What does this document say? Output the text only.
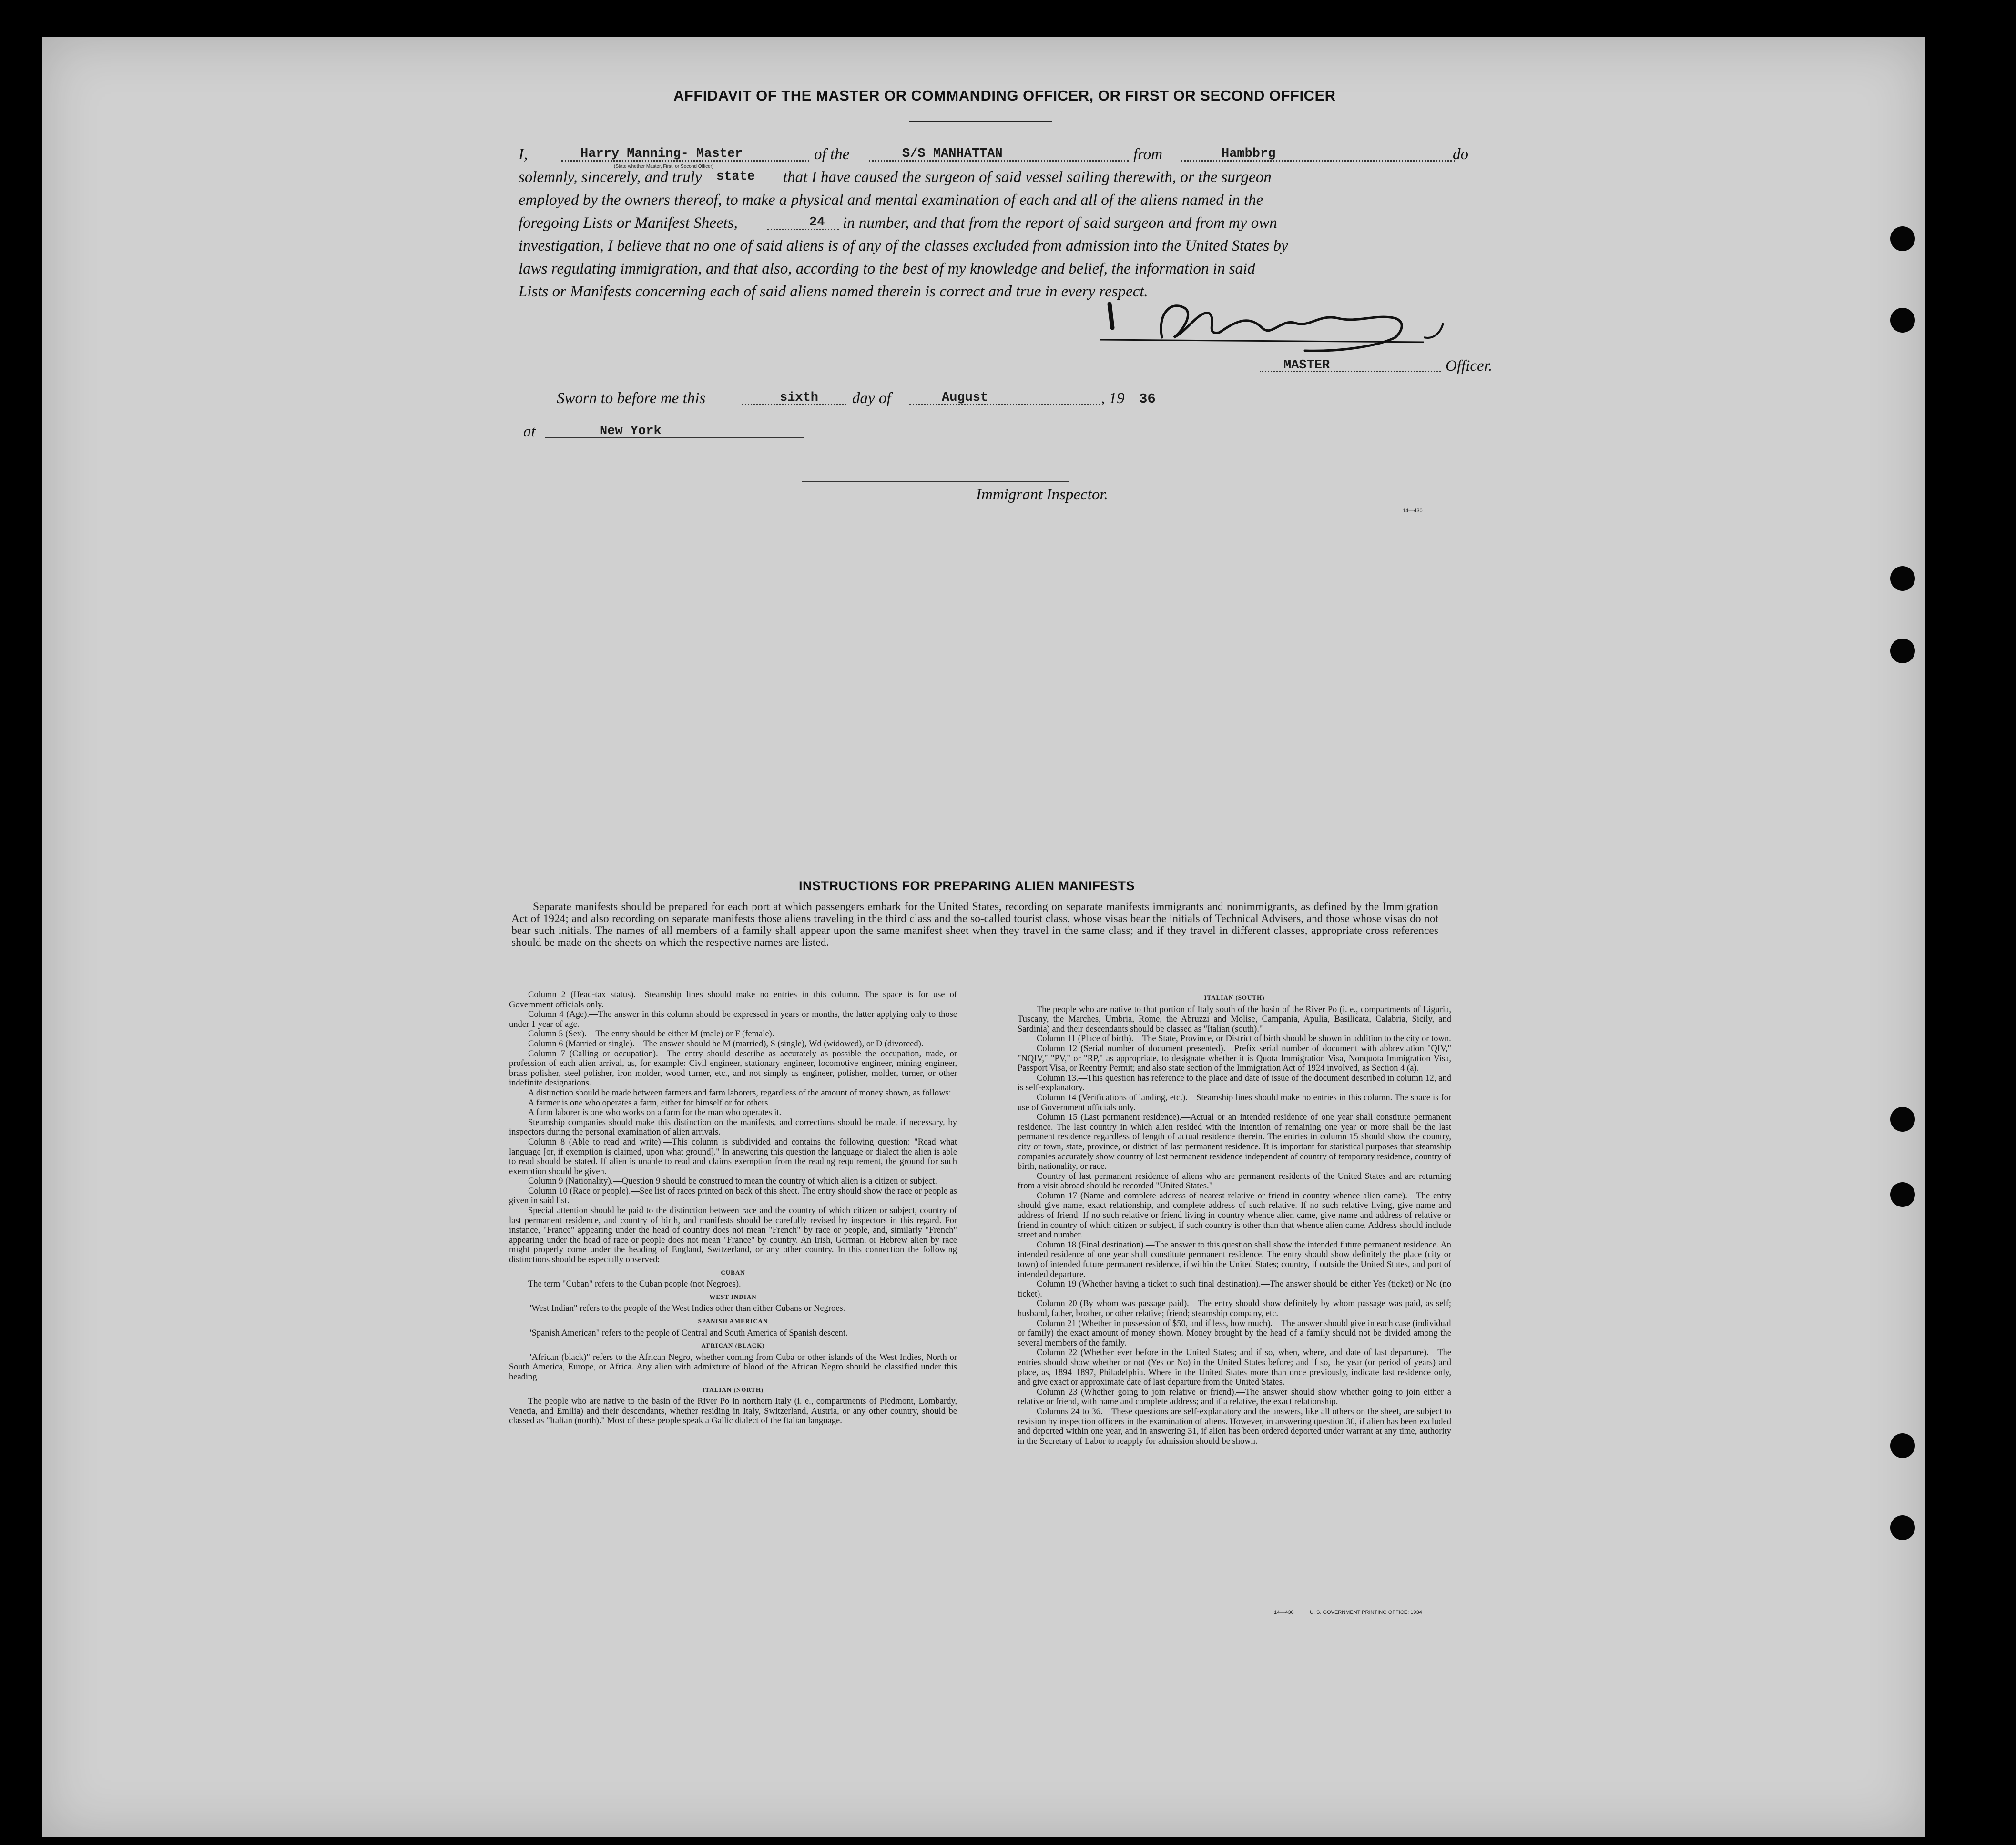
AFFIDAVIT OF THE MASTER OR COMMANDING OFFICER, OR FIRST OR SECOND OFFICER
I,	Harry Manning- Master
(State whether Master, First, or Second Officer)
of the	S/S MANHATTAN	from	Hambbrg	do
solemnly, sincerely, and truly state that I have caused the surgeon of said vessel sailing therewith, or the surgeon
employed by the owners thereof, to make a physical and mental examination of each and all of the aliens named in the
foregoing Lists or Manifest Sheets,	24 in number, and that from the report of said surgeon and from my own
investigation, I believe that no one of said aliens is of any of the classes excluded from admission into the United States by
laws regulating immigration, and that also, according to the best of my knowledge and belief, the information in said
Lists or Manifests concerning each of said aliens named therein is correct and true in every respect.
MASTER	Officer.
Sworn to before me this	sixth day of	August	, 19 36
at	New York
Immigrant Inspector.
14—430
INSTRUCTIONS FOR PREPARING ALIEN MANIFESTS
Separate manifests should be prepared for each port at which passengers embark for the United States, recording on separate manifests immigrants and nonimmigrants, as defined by the Immigration Act of 1924; and also recording on separate manifests those aliens traveling in the third class and the so-called tourist class, whose visas bear the initials of Technical Advisers, and those whose visas do not bear such initials. The names of all members of a family shall appear upon the same manifest sheet when they travel in the same class; and if they travel in different classes, appropriate cross references should be made on the sheets on which the respective names are listed.

Column 2 (Head-tax status).—Steamship lines should make no entries in this column. The space is for use of Government officials only.

Column 4 (Age).—The answer in this column should be expressed in years or months, the latter applying only to those under 1 year of age.

Column 5 (Sex).—The entry should be either M (male) or F (female).

Column 6 (Married or single).—The answer should be M (married), S (single), Wd (widowed), or D (divorced).

Column 7 (Calling or occupation).—The entry should describe as accurately as possible the occupation, trade, or profession of each alien arrival, as, for example: Civil engineer, stationary engineer, locomotive engineer, mining engineer, brass polisher, steel polisher, iron molder, wood turner, etc., and not simply as engineer, polisher, molder, turner, or other indefinite designations.

A distinction should be made between farmers and farm laborers, regardless of the amount of money shown, as follows:

A farmer is one who operates a farm, either for himself or for others.

A farm laborer is one who works on a farm for the man who operates it.

Steamship companies should make this distinction on the manifests, and corrections should be made, if necessary, by inspectors during the personal examination of alien arrivals.

Column 8 (Able to read and write).—This column is subdivided and contains the following question: "Read what language [or, if exemption is claimed, upon what ground]." In answering this question the language or dialect the alien is able to read should be stated. If alien is unable to read and claims exemption from the reading requirement, the ground for such exemption should be given.

Column 9 (Nationality).—Question 9 should be construed to mean the country of which alien is a citizen or subject.

Column 10 (Race or people).—See list of races printed on back of this sheet. The entry should show the race or people as given in said list.

Special attention should be paid to the distinction between race and the country of which citizen or subject, country of last permanent residence, and country of birth, and manifests should be carefully revised by inspectors in this regard. For instance, "France" appearing under the head of country does not mean "French" by race or people, and, similarly "French" appearing under the head of race or people does not mean "France" by country. An Irish, German, or Hebrew alien by race might properly come under the heading of England, Switzerland, or any other country. In this connection the following distinctions should be especially observed:

CUBAN

The term "Cuban" refers to the Cuban people (not Negroes).

WEST INDIAN

"West Indian" refers to the people of the West Indies other than either Cubans or Negroes.

SPANISH AMERICAN

"Spanish American" refers to the people of Central and South America of Spanish descent.

AFRICAN (BLACK)

"African (black)" refers to the African Negro, whether coming from Cuba or other islands of the West Indies, North or South America, Europe, or Africa. Any alien with admixture of blood of the African Negro should be classified under this heading.

ITALIAN (NORTH)

The people who are native to the basin of the River Po in northern Italy (i. e., compartments of Piedmont, Lombardy, Venetia, and Emilia) and their descendants, whether residing in Italy, Switzerland, Austria, or any other country, should be classed as "Italian (north)." Most of these people speak a Gallic dialect of the Italian language.

ITALIAN (SOUTH)

The people who are native to that portion of Italy south of the basin of the River Po (i. e., compartments of Liguria, Tuscany, the Marches, Umbria, Rome, the Abruzzi and Molise, Campania, Apulia, Basilicata, Calabria, Sicily, and Sardinia) and their descendants should be classed as "Italian (south)."

Column 11 (Place of birth).—The State, Province, or District of birth should be shown in addition to the city or town.

Column 12 (Serial number of document presented).—Prefix serial number of document with abbreviation "QIV," "NQIV," "PV," or "RP," as appropriate, to designate whether it is Quota Immigration Visa, Nonquota Immigration Visa, Passport Visa, or Reentry Permit; and also state section of the Immigration Act of 1924 involved, as Section 4 (a).

Column 13.—This question has reference to the place and date of issue of the document described in column 12, and is self-explanatory.

Column 14 (Verifications of landing, etc.).—Steamship lines should make no entries in this column. The space is for use of Government officials only.

Column 15 (Last permanent residence).—Actual or an intended residence of one year shall constitute permanent residence. The last country in which alien resided with the intention of remaining one year or more shall be the last permanent residence regardless of length of actual residence therein. The entries in column 15 should show the country, city or town, state, province, or district of last permanent residence. It is important for statistical purposes that steamship companies accurately show country of last permanent residence independent of country of temporary residence, country of birth, nationality, or race.

Country of last permanent residence of aliens who are permanent residents of the United States and are returning from a visit abroad should be recorded "United States."

Column 17 (Name and complete address of nearest relative or friend in country whence alien came).—The entry should give name, exact relationship, and complete address of such relative. If no such relative living, give name and address of friend. If no such relative or friend living in country whence alien came, give name and address of relative or friend in country of which citizen or subject, if such country is other than that whence alien came. Address should include street and number.

Column 18 (Final destination).—The answer to this question shall show the intended future permanent residence. An intended residence of one year shall constitute permanent residence. The entry should show definitely the place (city or town) of intended future permanent residence, if within the United States; country, if outside the United States, and port of intended departure.

Column 19 (Whether having a ticket to such final destination).—The answer should be either Yes (ticket) or No (no ticket).

Column 20 (By whom was passage paid).—The entry should show definitely by whom passage was paid, as self; husband, father, brother, or other relative; friend; steamship company, etc.

Column 21 (Whether in possession of $50, and if less, how much).—The answer should give in each case (individual or family) the exact amount of money shown. Money brought by the head of a family should not be divided among the several members of the family.

Column 22 (Whether ever before in the United States; and if so, when, where, and date of last departure).—The entries should show whether or not (Yes or No) in the United States before; and if so, the year (or period of years) and place, as, 1894–1897, Philadelphia. Where in the United States more than once previously, indicate last residence only, and give exact or approximate date of last departure from the United States.

Column 23 (Whether going to join relative or friend).—The answer should show whether going to join either a relative or friend, with name and complete address; and if a relative, the exact relationship.

Columns 24 to 36.—These questions are self-explanatory and the answers, like all others on the sheet, are subject to revision by inspection officers in the examination of aliens. However, in answering question 30, if alien has been excluded and deported within one year, and in answering 31, if alien has been ordered deported under warrant at any time, authority in the Secretary of Labor to reapply for admission should be shown.

14—430	U. S. GOVERNMENT PRINTING OFFICE: 1934
